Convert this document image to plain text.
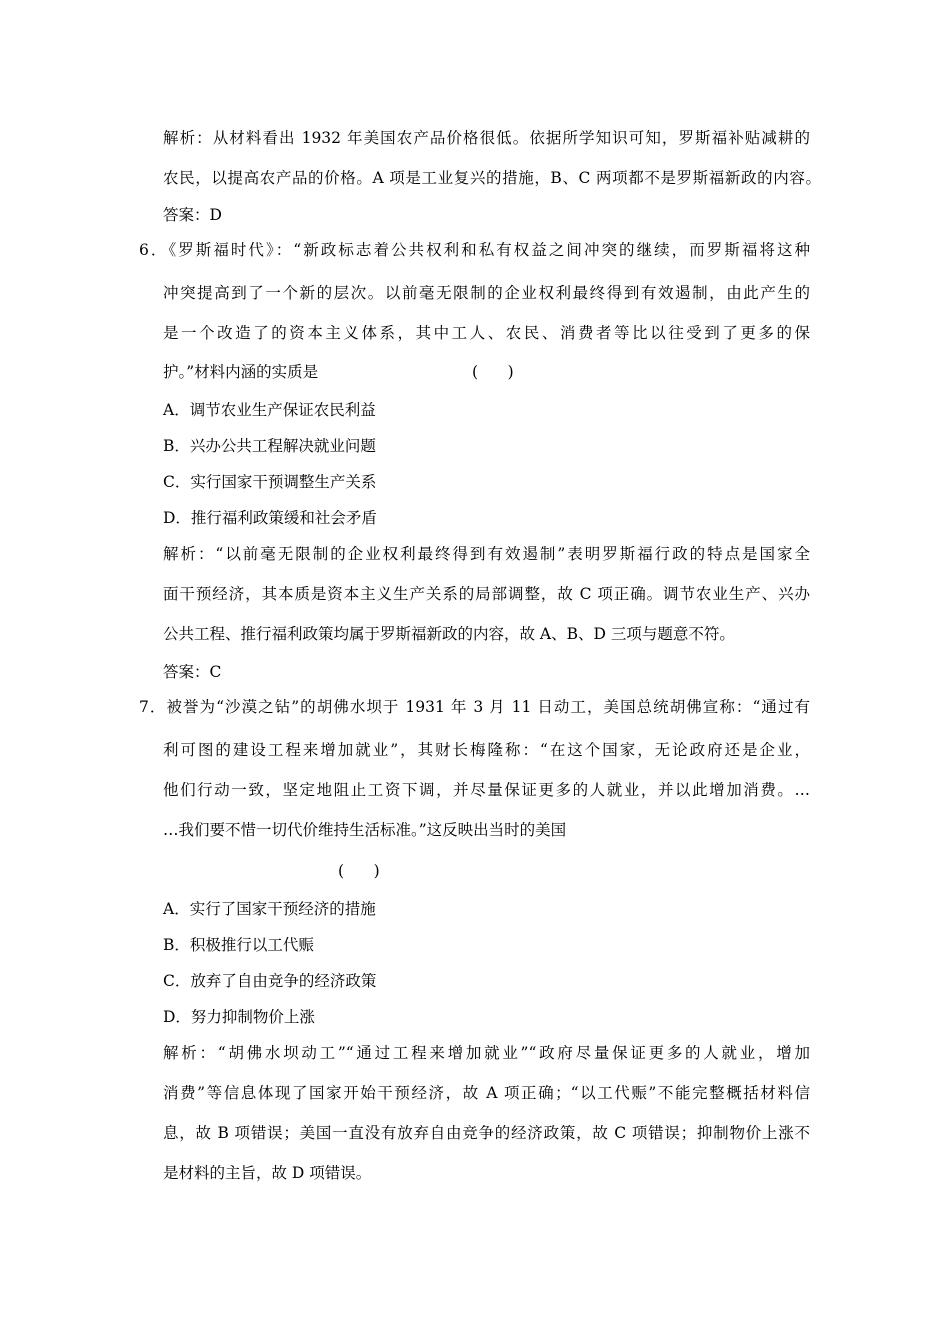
解析：从材料看出 1932 年美国农产品价格很低。依据所学知识可知，罗斯福补贴减耕的
农民，以提高农产品的价格。A 项是工业复兴的措施，B、C 两项都不是罗斯福新政的内容。
答案：D
6．《罗斯福时代》：“新政标志着公共权利和私有权益之间冲突的继续，而罗斯福将这种
冲突提高到了一个新的层次。以前毫无限制的企业权利最终得到有效遏制，由此产生的
是一个改造了的资本主义体系，其中工人、农民、消费者等比以往受到了更多的保
护。”材料内涵的实质是	(      )
A．调节农业生产保证农民利益
B．兴办公共工程解决就业问题
C．实行国家干预调整生产关系
D．推行福利政策缓和社会矛盾
解析：“以前毫无限制的企业权利最终得到有效遏制”表明罗斯福行政的特点是国家全
面干预经济，其本质是资本主义生产关系的局部调整，故 C 项正确。调节农业生产、兴办
公共工程、推行福利政策均属于罗斯福新政的内容，故 A、B、D 三项与题意不符。
答案：C
7．被誉为“沙漠之钻”的胡佛水坝于 1931 年 3 月 11 日动工，美国总统胡佛宣称：“通过有
利可图的建设工程来增加就业”，其财长梅隆称：“在这个国家，无论政府还是企业，
他们行动一致，坚定地阻止工资下调，并尽量保证更多的人就业，并以此增加消费。…
…我们要不惜一切代价维持生活标准。”这反映出当时的美国
(      )
A．实行了国家干预经济的措施
B．积极推行以工代赈
C．放弃了自由竞争的经济政策
D．努力抑制物价上涨
解析：“胡佛水坝动工”“通过工程来增加就业”“政府尽量保证更多的人就业，增加
消费”等信息体现了国家开始干预经济，故 A 项正确；“以工代赈”不能完整概括材料信
息，故 B 项错误；美国一直没有放弃自由竞争的经济政策，故 C 项错误；抑制物价上涨不
是材料的主旨，故 D 项错误。
